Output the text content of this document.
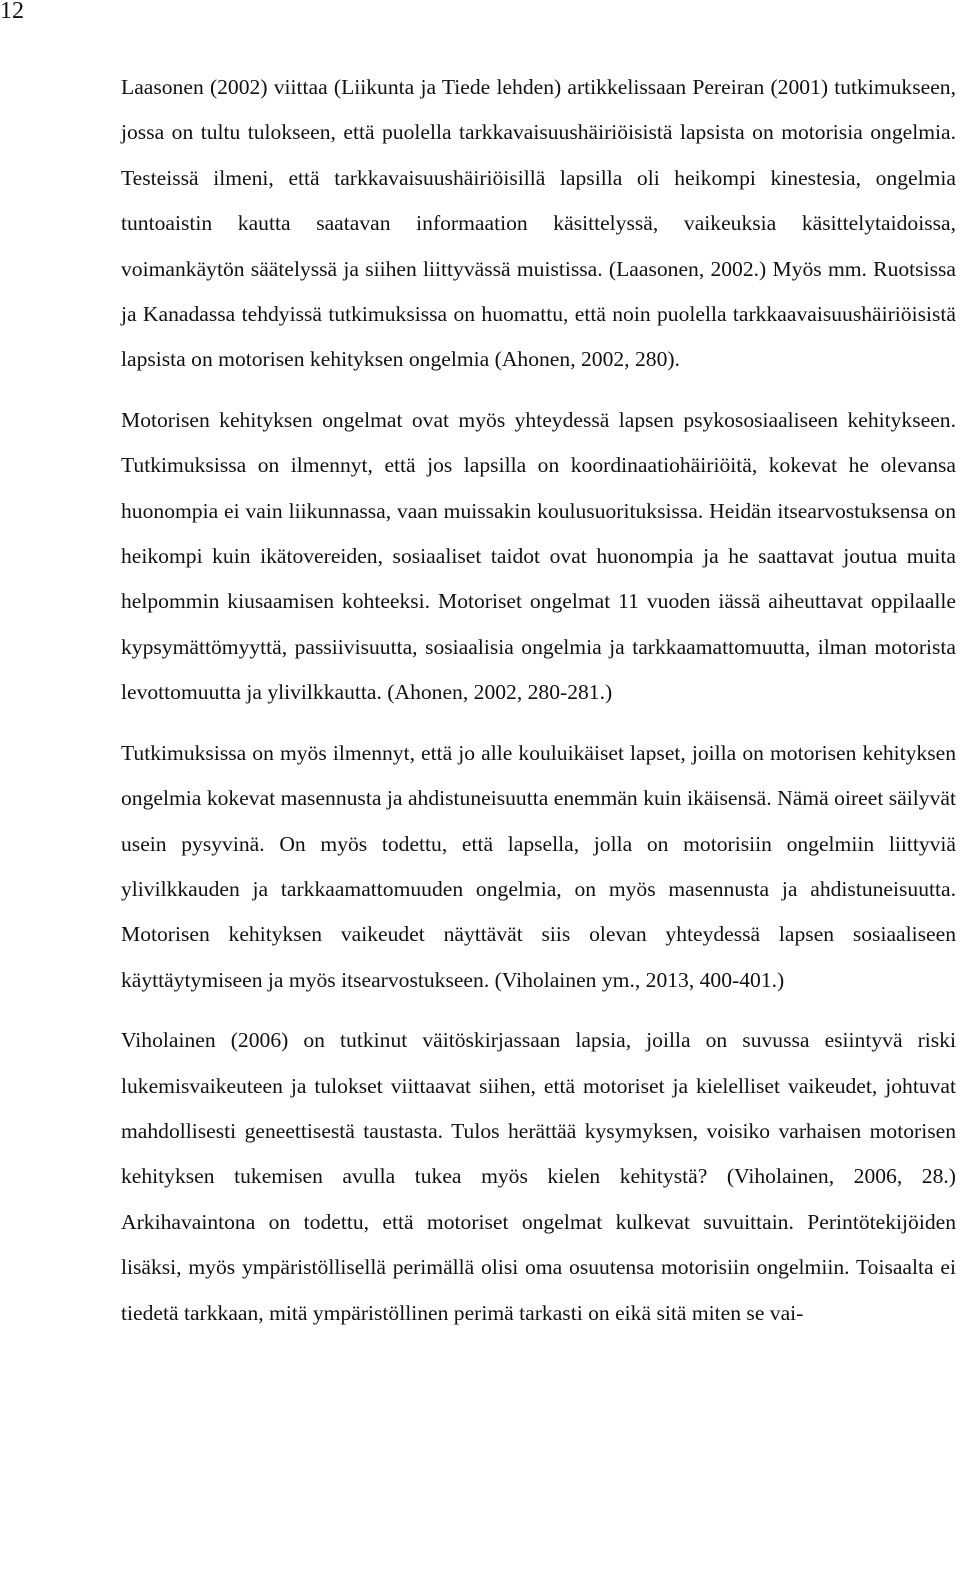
12

Laasonen (2002) viittaa (Liikunta ja Tiede lehden) artikkelissaan Pereiran (2001) tutkimukseen, jossa on tultu tulokseen, että puolella tarkkavaisuushäiriöisistä lapsista on motorisia ongelmia. Testeissä ilmeni, että tarkkavaisuushäiriöisillä lapsilla oli heikompi kinestesia, ongelmia tuntoaistin kautta saatavan informaation käsittelyssä, vaikeuksia käsittelytaidoissa, voimankäytön säätelyssä ja siihen liittyvässä muistissa. (Laasonen, 2002.) Myös mm. Ruotsissa ja Kanadassa tehdyissä tutkimuksissa on huomattu, että noin puolella tarkkaavaisuushäiriöisistä lapsista on motorisen kehityksen ongelmia (Ahonen, 2002, 280).

Motorisen kehityksen ongelmat ovat myös yhteydessä lapsen psykososiaaliseen kehitykseen. Tutkimuksissa on ilmennyt, että jos lapsilla on koordinaatiohäiriöitä, kokevat he olevansa huonompia ei vain liikunnassa, vaan muissakin koulusuorituksissa. Heidän itsearvostuksensa on heikompi kuin ikätovereiden, sosiaaliset taidot ovat huonompia ja he saattavat joutua muita helpommin kiusaamisen kohteeksi. Motoriset ongelmat 11 vuoden iässä aiheuttavat oppilaalle kypsymättömyyttä, passiivisuutta, sosiaalisia ongelmia ja tarkkaamattomuutta, ilman motorista levottomuutta ja ylivilkkautta. (Ahonen, 2002, 280-281.)

Tutkimuksissa on myös ilmennyt, että jo alle kouluikäiset lapset, joilla on motorisen kehityksen ongelmia kokevat masennusta ja ahdistuneisuutta enemmän kuin ikäisensä. Nämä oireet säilyvät usein pysyvinä. On myös todettu, että lapsella, jolla on motorisiin ongelmiin liittyviä ylivilkkauden ja tarkkaamattomuuden ongelmia, on myös masennusta ja ahdistuneisuutta. Motorisen kehityksen vaikeudet näyttävät siis olevan yhteydessä lapsen sosiaaliseen käyttäytymiseen ja myös itsearvostukseen. (Viholainen ym., 2013, 400-401.)

Viholainen (2006) on tutkinut väitöskirjassaan lapsia, joilla on suvussa esiintyvä riski lukemisvaikeuteen ja tulokset viittaavat siihen, että motoriset ja kielelliset vaikeudet, johtuvat mahdollisesti geneettisestä taustasta. Tulos herättää kysymyksen, voisiko varhaisen motorisen kehityksen tukemisen avulla tukea myös kielen kehitystä? (Viholainen, 2006, 28.) Arkihavaintona on todettu, että motoriset ongelmat kulkevat suvuittain. Perintötekijöiden lisäksi, myös ympäristöllisellä perimällä olisi oma osuutensa motorisiin ongelmiin. Toisaalta ei tiedetä tarkkaan, mitä ympäristöllinen perimä tarkasti on eikä sitä miten se vai-
